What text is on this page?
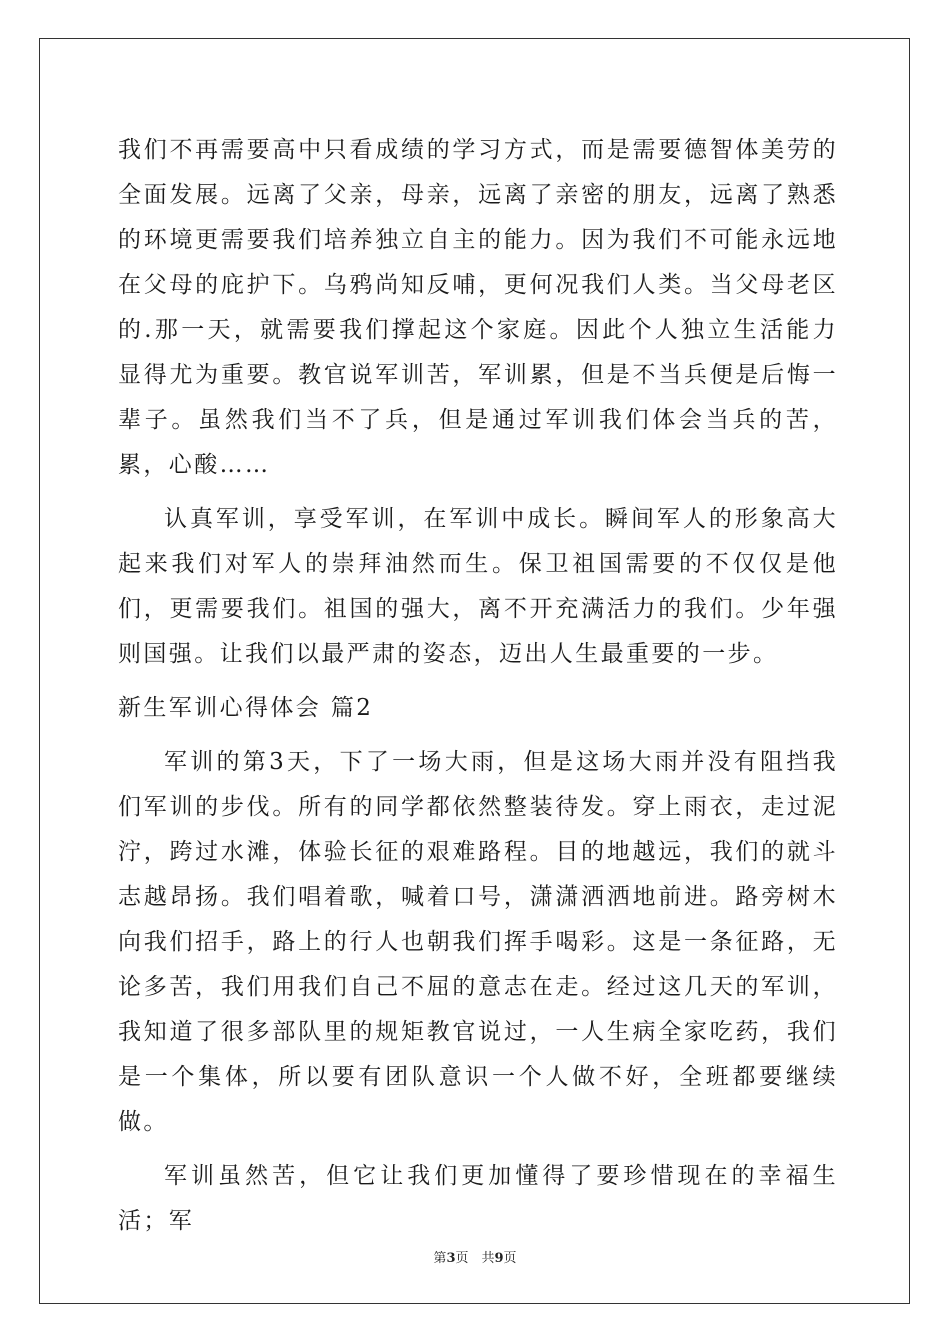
我们不再需要高中只看成绩的学习方式，而是需要德智体美劳的全面发展。远离了父亲，母亲，远离了亲密的朋友，远离了熟悉的环境更需要我们培养独立自主的能力。因为我们不可能永远地在父母的庇护下。乌鸦尚知反哺，更何况我们人类。当父母老区的.那一天，就需要我们撑起这个家庭。因此个人独立生活能力显得尤为重要。教官说军训苦，军训累，但是不当兵便是后悔一辈子。虽然我们当不了兵，但是通过军训我们体会当兵的苦，累，心酸……

认真军训，享受军训，在军训中成长。瞬间军人的形象高大起来我们对军人的崇拜油然而生。保卫祖国需要的不仅仅是他们，更需要我们。祖国的强大，离不开充满活力的我们。少年强则国强。让我们以最严肃的姿态，迈出人生最重要的一步。

新生军训心得体会 篇2

军训的第3天，下了一场大雨，但是这场大雨并没有阻挡我们军训的步伐。所有的同学都依然整装待发。穿上雨衣，走过泥泞，跨过水滩，体验长征的艰难路程。目的地越远，我们的就斗志越昂扬。我们唱着歌，喊着口号，潇潇洒洒地前进。路旁树木向我们招手，路上的行人也朝我们挥手喝彩。这是一条征路，无论多苦，我们用我们自己不屈的意志在走。经过这几天的军训，我知道了很多部队里的规矩教官说过，一人生病全家吃药，我们是一个集体，所以要有团队意识一个人做不好，全班都要继续做。

军训虽然苦，但它让我们更加懂得了要珍惜现在的幸福生活；军

第3页　共9页
